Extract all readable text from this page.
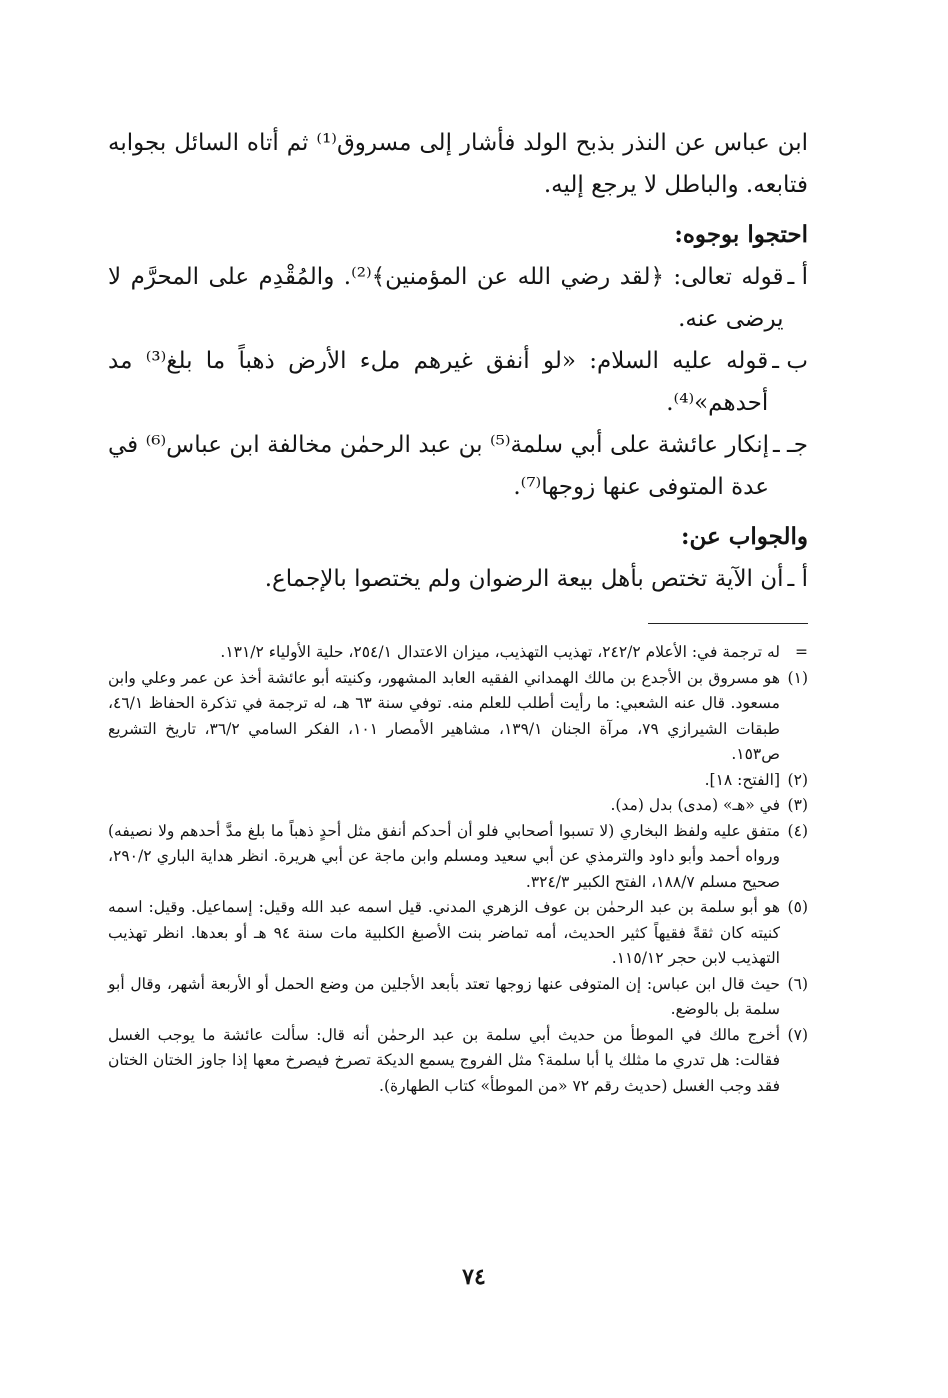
ابن عباس عن النذر بذبح الولد فأشار إلى مسروق⁽¹⁾ ثم أتاه السائل بجوابه فتابعه. والباطل لا يرجع إليه.

احتجوا بوجوه:

أ ـ
قوله تعالى: ﴿لقد رضي الله عن المؤمنين﴾⁽²⁾. والمُقْدِم على المحرَّم لا يرضى عنه.
ب ـ
قوله عليه السلام: «لو أنفق غيرهم ملء الأرض ذهباً ما بلغ⁽³⁾ مد أحدهم»⁽⁴⁾.
جـ ـ
إنكار عائشة على أبي سلمة⁽⁵⁾ بن عبد الرحمٰن مخالفة ابن عباس⁽⁶⁾ في عدة المتوفى عنها زوجها⁽⁷⁾.

والجواب عن:

أ ـ
أن الآية تختص بأهل بيعة الرضوان ولم يختصوا بالإجماع.
=
له ترجمة في: الأعلام ٢٤٢/٢، تهذيب التهذيب، ميزان الاعتدال ٢٥٤/١، حلية الأولياء ١٣١/٢.
(١)
هو مسروق بن الأجدع بن مالك الهمداني الفقيه العابد المشهور، وكنيته أبو عائشة أخذ عن عمر وعلي وابن مسعود. قال عنه الشعبي: ما رأيت أطلب للعلم منه. توفي سنة ٦٣ هـ، له ترجمة في تذكرة الحفاظ ٤٦/١، طبقات الشيرازي ٧٩، مرآة الجنان ١٣٩/١، مشاهير الأمصار ١٠١، الفكر السامي ٣٦/٢، تاريخ التشريع ص١٥٣.
(٢)
[الفتح: ١٨].
(٣)
في «هـ» (مدى) بدل (مد).
(٤)
متفق عليه ولفظ البخاري (لا تسبوا أصحابي فلو أن أحدكم أنفق مثل أحدٍ ذهباً ما بلغ مدَّ أحدهم ولا نصيفه) ورواه أحمد وأبو داود والترمذي عن أبي سعيد ومسلم وابن ماجة عن أبي هريرة. انظر هداية الباري ٢٩٠/٢، صحيح مسلم ١٨٨/٧، الفتح الكبير ٣٢٤/٣.
(٥)
هو أبو سلمة بن عبد الرحمٰن بن عوف الزهري المدني. قيل اسمه عبد الله وقيل: إسماعيل. وقيل: اسمه كنيته كان ثقةً فقيهاً كثير الحديث، أمه تماضر بنت الأصبغ الكلبية مات سنة ٩٤ هـ أو بعدها. انظر تهذيب التهذيب لابن حجر ١١٥/١٢.
(٦)
حيث قال ابن عباس: إن المتوفى عنها زوجها تعتد بأبعد الأجلين من وضع الحمل أو الأربعة أشهر، وقال أبو سلمة بل بالوضع.
(٧)
أخرج مالك في الموطأ من حديث أبي سلمة بن عبد الرحمٰن أنه قال: سألت عائشة ما يوجب الغسل فقالت: هل تدري ما مثلك يا أبا سلمة؟ مثل الفروج يسمع الديكة تصرخ فيصرخ معها إذا جاوز الختان الختان فقد وجب الغسل (حديث رقم ٧٢ «من الموطأ» كتاب الطهارة).
٧٤
